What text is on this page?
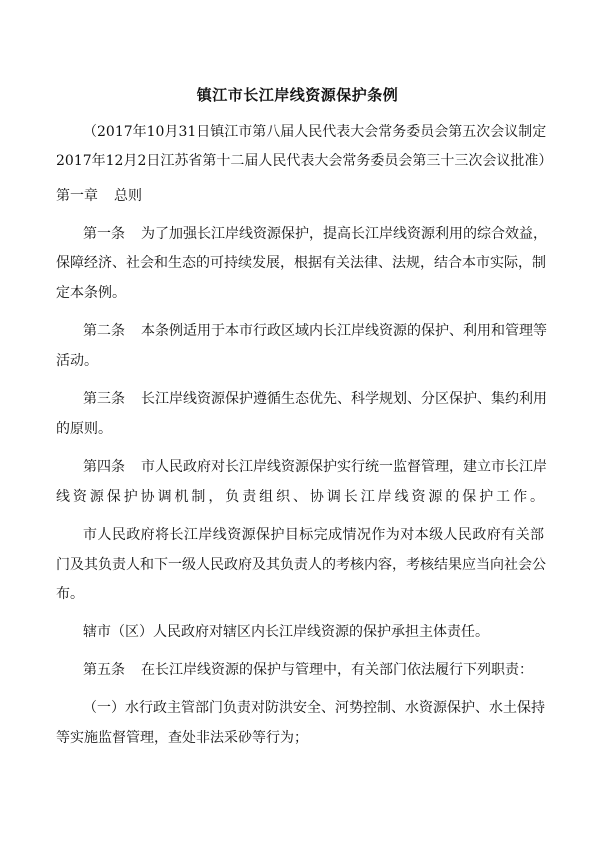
镇江市长江岸线资源保护条例
（2017年10月31日镇江市第八届人民代表大会常务委员会第五次会议制定
2017年12月2日江苏省第十二届人民代表大会常务委员会第三十三次会议批准）
第一章 总则
第一条 为了加强长江岸线资源保护，提高长江岸线资源利用的综合效益，
保障经济、社会和生态的可持续发展，根据有关法律、法规，结合本市实际，制
定本条例。
第二条 本条例适用于本市行政区域内长江岸线资源的保护、利用和管理等
活动。
第三条 长江岸线资源保护遵循生态优先、科学规划、分区保护、集约利用
的原则。
第四条 市人民政府对长江岸线资源保护实行统一监督管理，建立市长江岸
线资源保护协调机制，负责组织、协调长江岸线资源的保护工作。
市人民政府将长江岸线资源保护目标完成情况作为对本级人民政府有关部
门及其负责人和下一级人民政府及其负责人的考核内容，考核结果应当向社会公
布。
辖市（区）人民政府对辖区内长江岸线资源的保护承担主体责任。
第五条 在长江岸线资源的保护与管理中，有关部门依法履行下列职责：
（一）水行政主管部门负责对防洪安全、河势控制、水资源保护、水土保持
等实施监督管理，查处非法采砂等行为；
